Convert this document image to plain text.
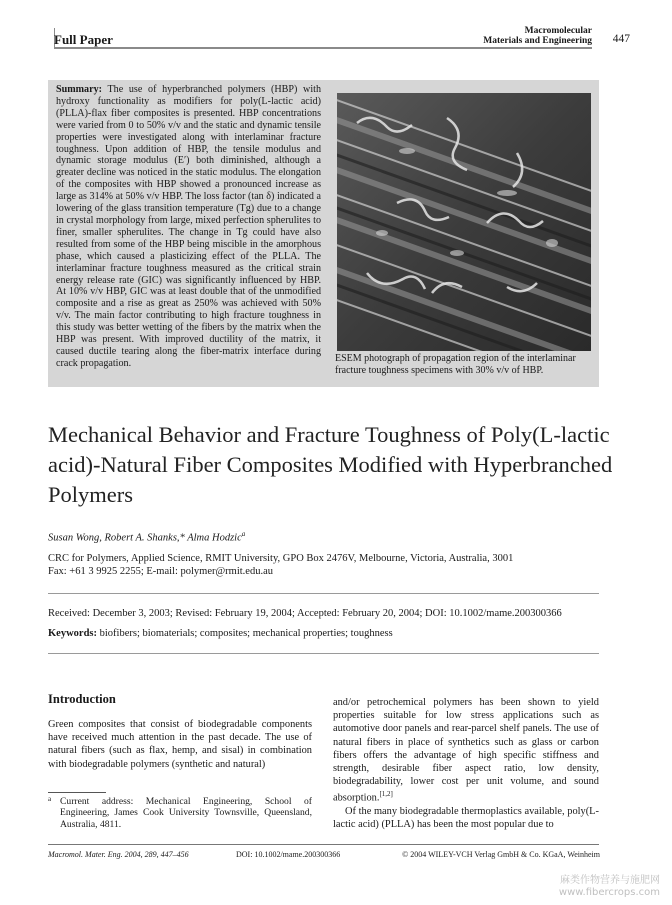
Full Paper
Macromolecular
Materials and Engineering 447
Summary: The use of hyperbranched polymers (HBP) with hydroxy functionality as modifiers for poly(L-lactic acid) (PLLA)-flax fiber composites is presented. HBP concentrations were varied from 0 to 50% v/v and the static and dynamic tensile properties were investigated along with interlaminar fracture toughness. Upon addition of HBP, the tensile modulus and dynamic storage modulus (E′) both diminished, although a greater decline was noticed in the static modulus. The elongation of the composites with HBP showed a pronounced increase as large as 314% at 50% v/v HBP. The loss factor (tan δ) indicated a lowering of the glass transition temperature (Tg) due to a change in crystal morphology from large, mixed perfection spherulites to finer, smaller spherulites. The change in Tg could have also resulted from some of the HBP being miscible in the amorphous phase, which caused a plasticizing effect of the PLLA. The interlaminar fracture toughness measured as the critical strain energy release rate (GIC) was significantly influenced by HBP. At 10% v/v HBP, GIC was at least double that of the unmodified composite and a rise as great as 250% was achieved with 50% v/v. The main factor contributing to high fracture toughness in this study was better wetting of the fibers by the matrix when the HBP was present. With improved ductility of the matrix, it caused ductile tearing along the fiber-matrix interface during crack propagation.	ESEM photograph of propagation region of the interlaminar fracture toughness specimens with 30% v/v of HBP.
Mechanical Behavior and Fracture Toughness of Poly(L-lactic acid)-Natural Fiber Composites Modified with Hyperbranched Polymers
Susan Wong, Robert A. Shanks,* Alma Hodzic$^a$
CRC for Polymers, Applied Science, RMIT University, GPO Box 2476V, Melbourne, Victoria, Australia, 3001
Fax: +61 3 9925 2255; E-mail: polymer@rmit.edu.au
Received: December 3, 2003; Revised: February 19, 2004; Accepted: February 20, 2004; DOI: 10.1002/mame.200300366
Keywords: biofibers; biomaterials; composites; mechanical properties; toughness
Introduction
Green composites that consist of biodegradable components have received much attention in the past decade. The use of natural fibers (such as flax, hemp, and sisal) in combination with biodegradable polymers (synthetic and natural)
a Current address: Mechanical Engineering, School of Engineering, James Cook University Townsville, Queensland, Australia, 4811.
and/or petrochemical polymers has been shown to yield properties suitable for low stress applications such as automotive door panels and rear-parcel shelf panels. The use of natural fibers in place of synthetics such as glass or carbon fibers offers the advantage of high specific stiffness and strength, desirable fiber aspect ratio, low density, biodegradability, lower cost per unit volume, and sound absorption.[1,2]
Of the many biodegradable thermoplastics available, poly(L-lactic acid) (PLLA) has been the most popular due to
Macromol. Mater. Eng. 2004, 289, 447–456	DOI: 10.1002/mame.200300366	© 2004 WILEY-VCH Verlag GmbH & Co. KGaA, Weinheim
麻类作物营养与施肥网
www.fibercrops.com
